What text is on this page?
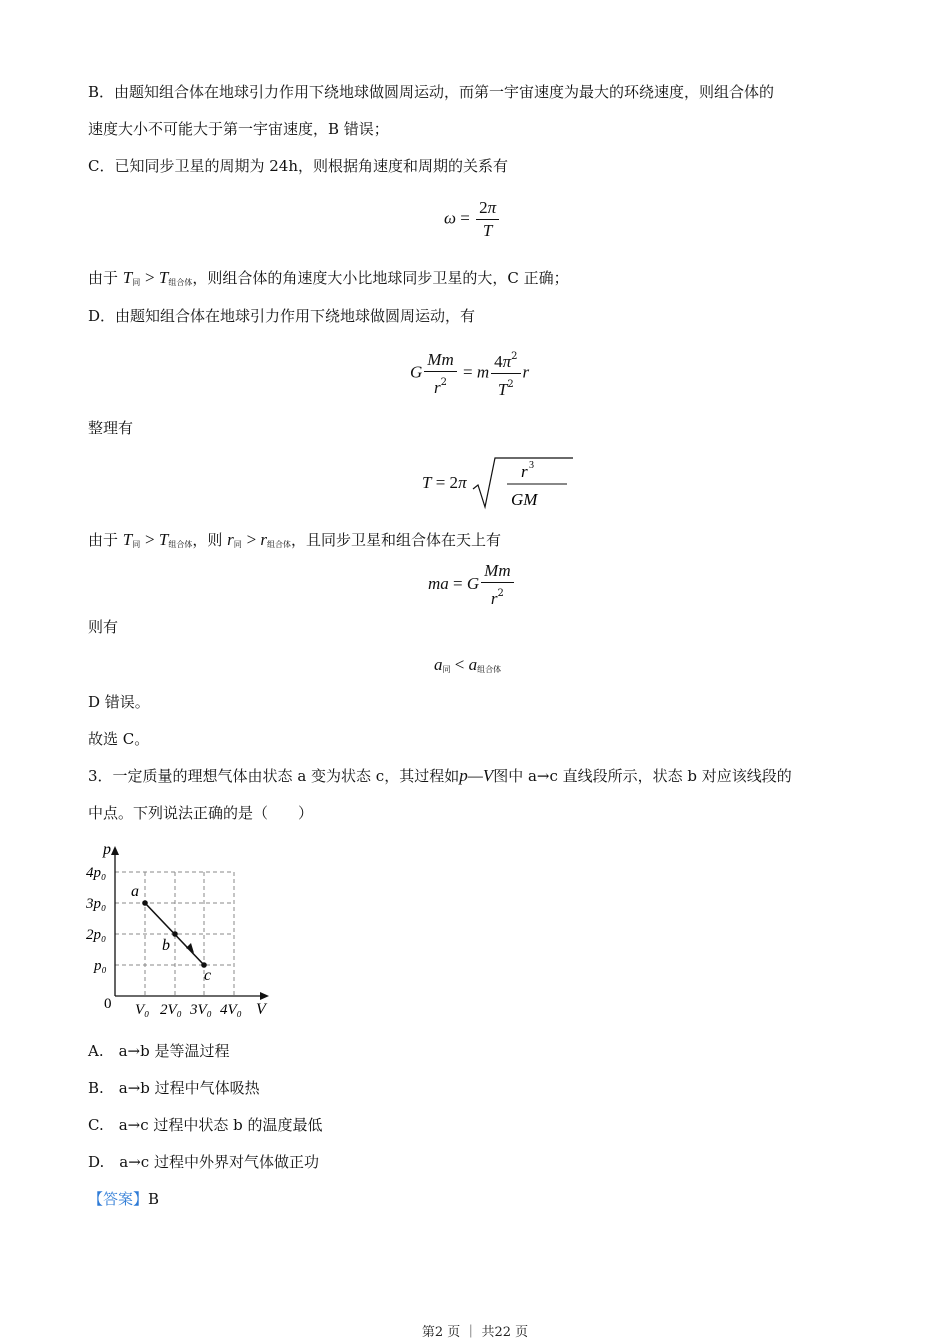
B．由题知组合体在地球引力作用下绕地球做圆周运动，而第一宇宙速度为最大的环绕速度，则组合体的
速度大小不可能大于第一宇宙速度，B 错误；
C．已知同步卫星的周期为 24h，则根据角速度和周期的关系有
$\omega = \frac{2\pi}{T}$
由于 $T_同 > T_{组合体}$，则组合体的角速度大小比地球同步卫星的大，C 正确；
D．由题知组合体在地球引力作用下绕地球做圆周运动，有
G $\frac{Mm}{r^2} = m \frac{4\pi^2}{T^2}$ r
整理有
T = 2π
r 3
GM
由于 $T_同 > T_{组合体}$，则 $r_同 > r_{组合体}$，且同步卫星和组合体在天上有
ma = G $\frac{Mm}{r^2}$
则有
$a_同 < a_{组合体}$
D 错误。
故选 C。
3．一定质量的理想气体由状态 a 变为状态 c，其过程如p—V图中 a→c 直线段所示，状态 b 对应该线段的
中点。下列说法正确的是（　　）
p
V
0
4p₀
3p₀
2p₀
p₀
V₀ 2V₀ 3V₀ 4V₀
a
b
c
A.　a→b 是等温过程
B.　a→b 过程中气体吸热
C.　a→c 过程中状态 b 的温度最低
D.　a→c 过程中外界对气体做正功
【答案】B
第2 页 ｜ 共22 页
